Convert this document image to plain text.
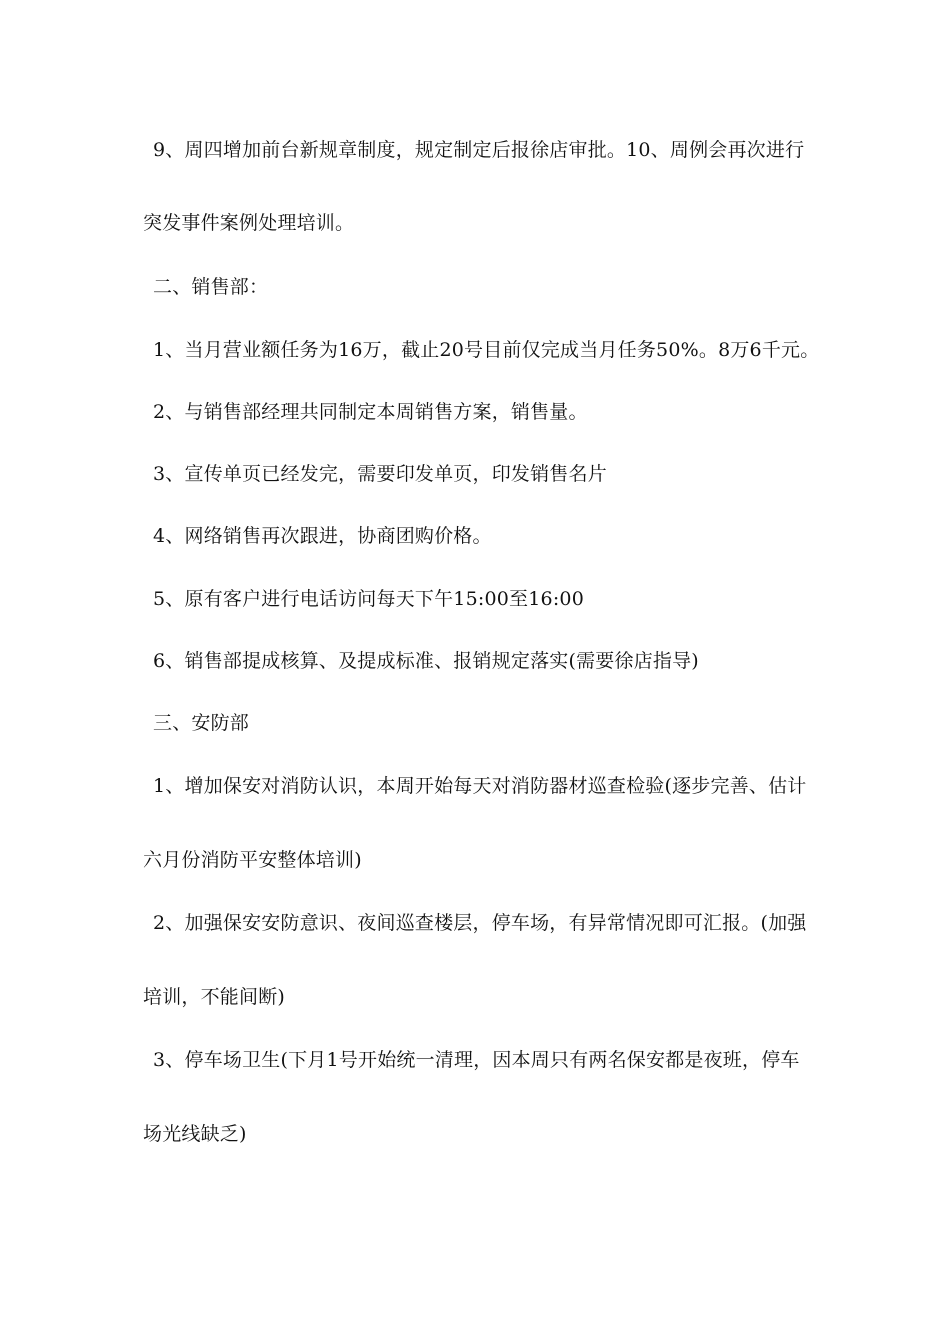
9、周四增加前台新规章制度，规定制定后报徐店审批。10、周例会再次进行
突发事件案例处理培训。
二、销售部：
1、当月营业额任务为16万，截止20号目前仅完成当月任务50%。8万6千元。
2、与销售部经理共同制定本周销售方案，销售量。
3、宣传单页已经发完，需要印发单页，印发销售名片
4、网络销售再次跟进，协商团购价格。
5、原有客户进行电话访问每天下午15:00至16:00
6、销售部提成核算、及提成标准、报销规定落实(需要徐店指导)
三、安防部
1、增加保安对消防认识，本周开始每天对消防器材巡查检验(逐步完善、估计
六月份消防平安整体培训)
2、加强保安安防意识、夜间巡查楼层，停车场，有异常情况即可汇报。(加强
培训，不能间断)
3、停车场卫生(下月1号开始统一清理，因本周只有两名保安都是夜班，停车
场光线缺乏)
